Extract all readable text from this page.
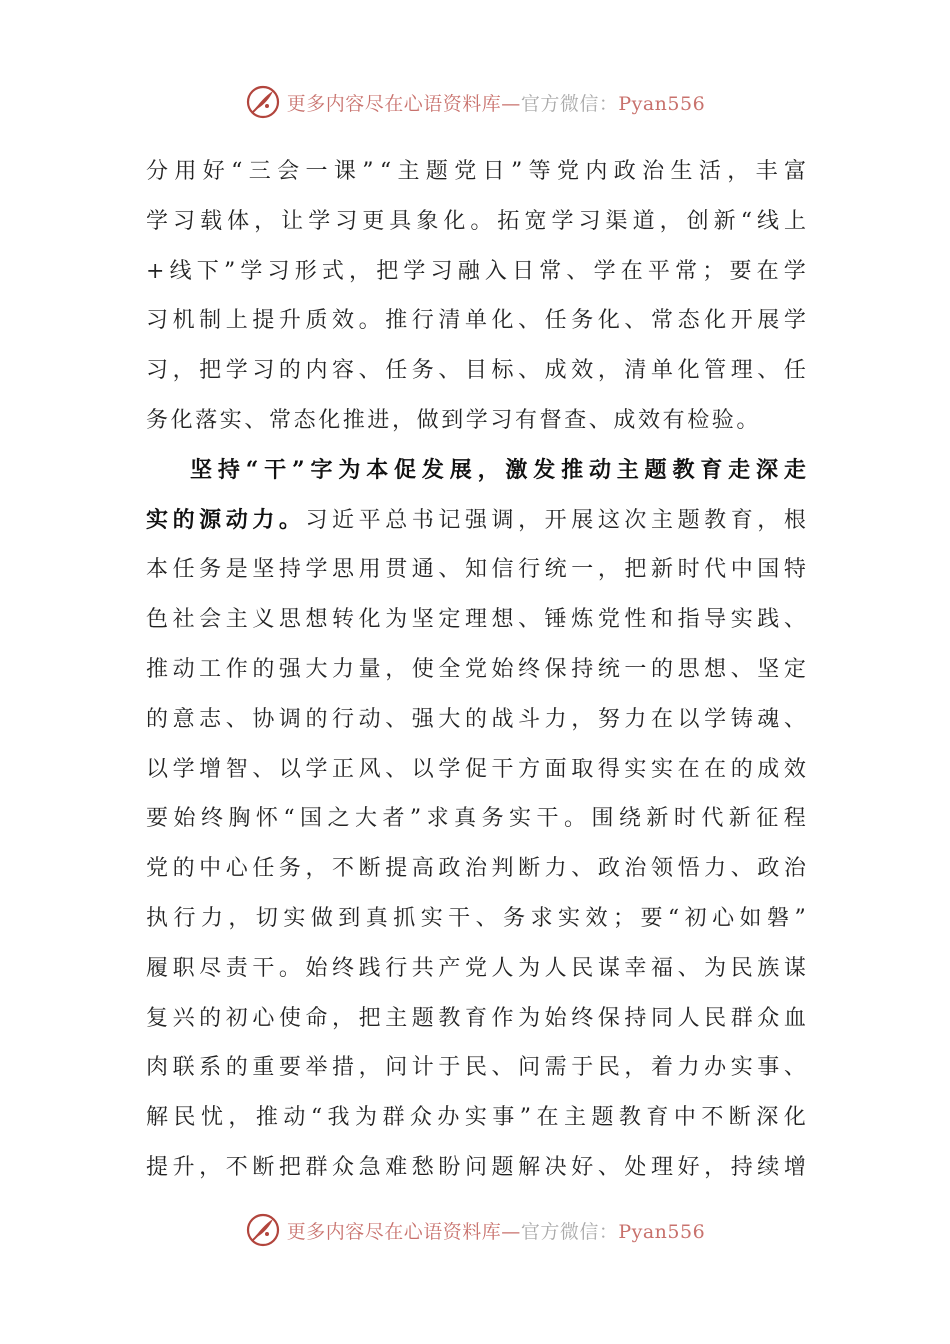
更多内容尽在心语资料库—官方微信：Pyan556
分 用 好 “ 三 会 一 课 ” “ 主 题 党 日 ” 等 党 内 政 治 生 活 ， 丰 富
学 习 载 体 ， 让 学 习 更 具 象 化 。 拓 宽 学 习 渠 道 ， 创 新 “ 线 上
+ 线 下 ” 学 习 形 式 ， 把 学 习 融 入 日 常 、 学 在 平 常 ； 要 在 学
习 机 制 上 提 升 质 效 。 推 行 清 单 化 、 任 务 化 、 常 态 化 开 展 学
习 ， 把 学 习 的 内 容 、 任 务 、 目 标 、 成 效 ， 清 单 化 管 理 、 任
务化落实、常态化推进，做到学习有督查、成效有检验。
坚 持 “ 干 ” 字 为 本 促 发 展 ， 激 发 推 动 主 题 教 育 走 深 走
实 的 源 动 力 。 习 近 平 总 书 记 强 调 ， 开 展 这 次 主 题 教 育 ， 根
本 任 务 是 坚 持 学 思 用 贯 通 、 知 信 行 统 一 ， 把 新 时 代 中 国 特
色 社 会 主 义 思 想 转 化 为 坚 定 理 想 、 锤 炼 党 性 和 指 导 实 践 、
推 动 工 作 的 强 大 力 量 ， 使 全 党 始 终 保 持 统 一 的 思 想 、 坚 定
的 意 志 、 协 调 的 行 动 、 强 大 的 战 斗 力 ， 努 力 在 以 学 铸 魂 、
以 学 增 智 、 以 学 正 风 、 以 学 促 干 方 面 取 得 实 实 在 在 的 成 效
要 始 终 胸 怀 “ 国 之 大 者 ” 求 真 务 实 干 。 围 绕 新 时 代 新 征 程
党 的 中 心 任 务 ， 不 断 提 高 政 治 判 断 力 、 政 治 领 悟 力 、 政 治
执 行 力 ， 切 实 做 到 真 抓 实 干 、 务 求 实 效 ； 要 “ 初 心 如 磐 ”
履 职 尽 责 干 。 始 终 践 行 共 产 党 人 为 人 民 谋 幸 福 、 为 民 族 谋
复 兴 的 初 心 使 命 ， 把 主 题 教 育 作 为 始 终 保 持 同 人 民 群 众 血
肉 联 系 的 重 要 举 措 ， 问 计 于 民 、 问 需 于 民 ， 着 力 办 实 事 、
解 民 忧 ， 推 动 “ 我 为 群 众 办 实 事 ” 在 主 题 教 育 中 不 断 深 化
提 升 ， 不 断 把 群 众 急 难 愁 盼 问 题 解 决 好 、 处 理 好 ， 持 续 增
更多内容尽在心语资料库—官方微信：Pyan556
